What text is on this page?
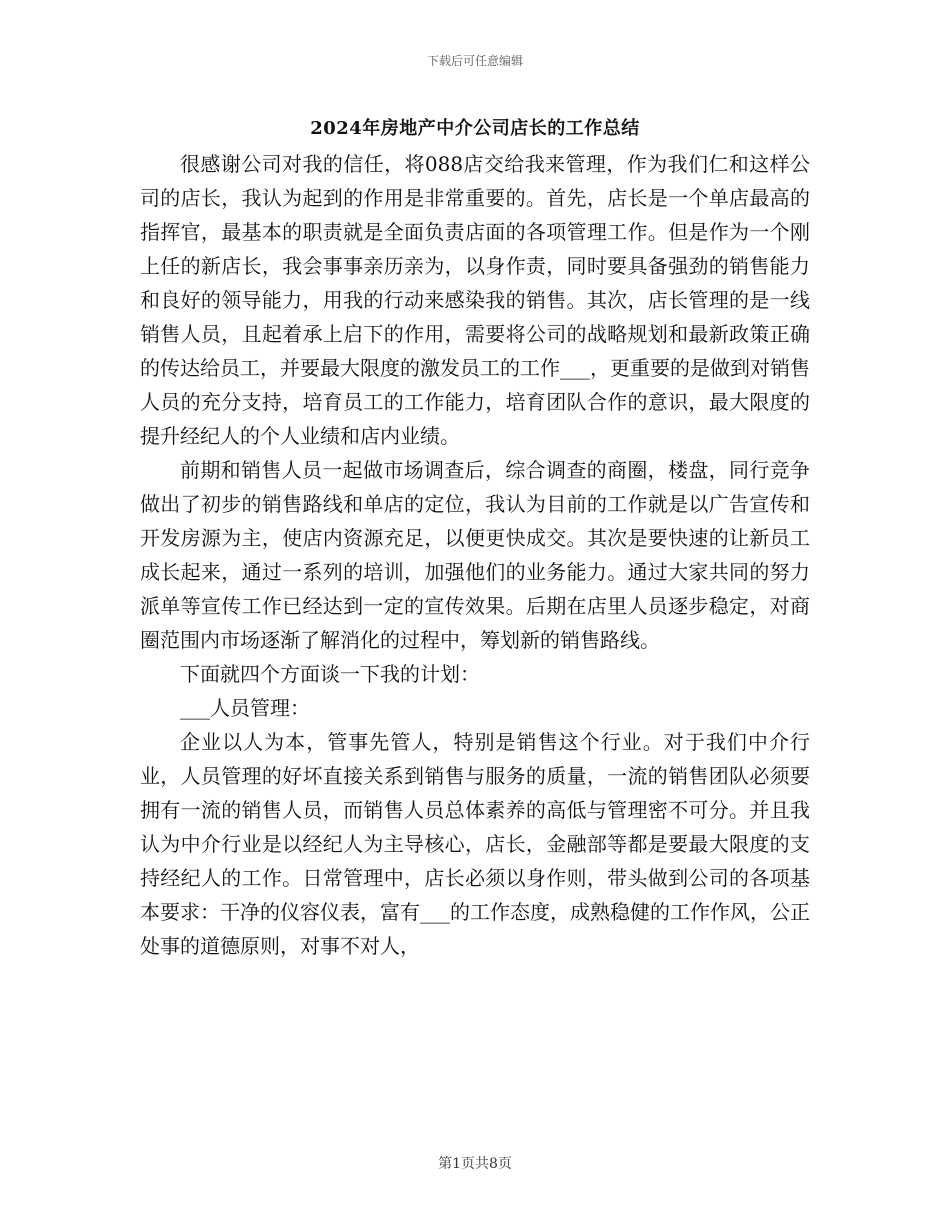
下载后可任意编辑
2024年房地产中介公司店长的工作总结

很感谢公司对我的信任，将088店交给我来管理，作为我们仁和这样公司的店长，我认为起到的作用是非常重要的。首先，店长是一个单店最高的指挥官，最基本的职责就是全面负责店面的各项管理工作。但是作为一个刚上任的新店长，我会事事亲历亲为，以身作责，同时要具备强劲的销售能力和良好的领导能力，用我的行动来感染我的销售。其次，店长管理的是一线销售人员，且起着承上启下的作用，需要将公司的战略规划和最新政策正确的传达给员工，并要最大限度的激发员工的工作___，更重要的是做到对销售人员的充分支持，培育员工的工作能力，培育团队合作的意识，最大限度的提升经纪人的个人业绩和店内业绩。

前期和销售人员一起做市场调查后，综合调查的商圈，楼盘，同行竞争做出了初步的销售路线和单店的定位，我认为目前的工作就是以广告宣传和开发房源为主，使店内资源充足，以便更快成交。其次是要快速的让新员工成长起来，通过一系列的培训，加强他们的业务能力。通过大家共同的努力派单等宣传工作已经达到一定的宣传效果。后期在店里人员逐步稳定，对商圈范围内市场逐渐了解消化的过程中，筹划新的销售路线。

下面就四个方面谈一下我的计划：

___人员管理：

企业以人为本，管事先管人，特别是销售这个行业。对于我们中介行业，人员管理的好坏直接关系到销售与服务的质量，一流的销售团队必须要拥有一流的销售人员，而销售人员总体素养的高低与管理密不可分。并且我认为中介行业是以经纪人为主导核心，店长，金融部等都是要最大限度的支持经纪人的工作。日常管理中，店长必须以身作则，带头做到公司的各项基本要求：干净的仪容仪表，富有___的工作态度，成熟稳健的工作作风，公正处事的道德原则，对事不对人，

第1页共8页
